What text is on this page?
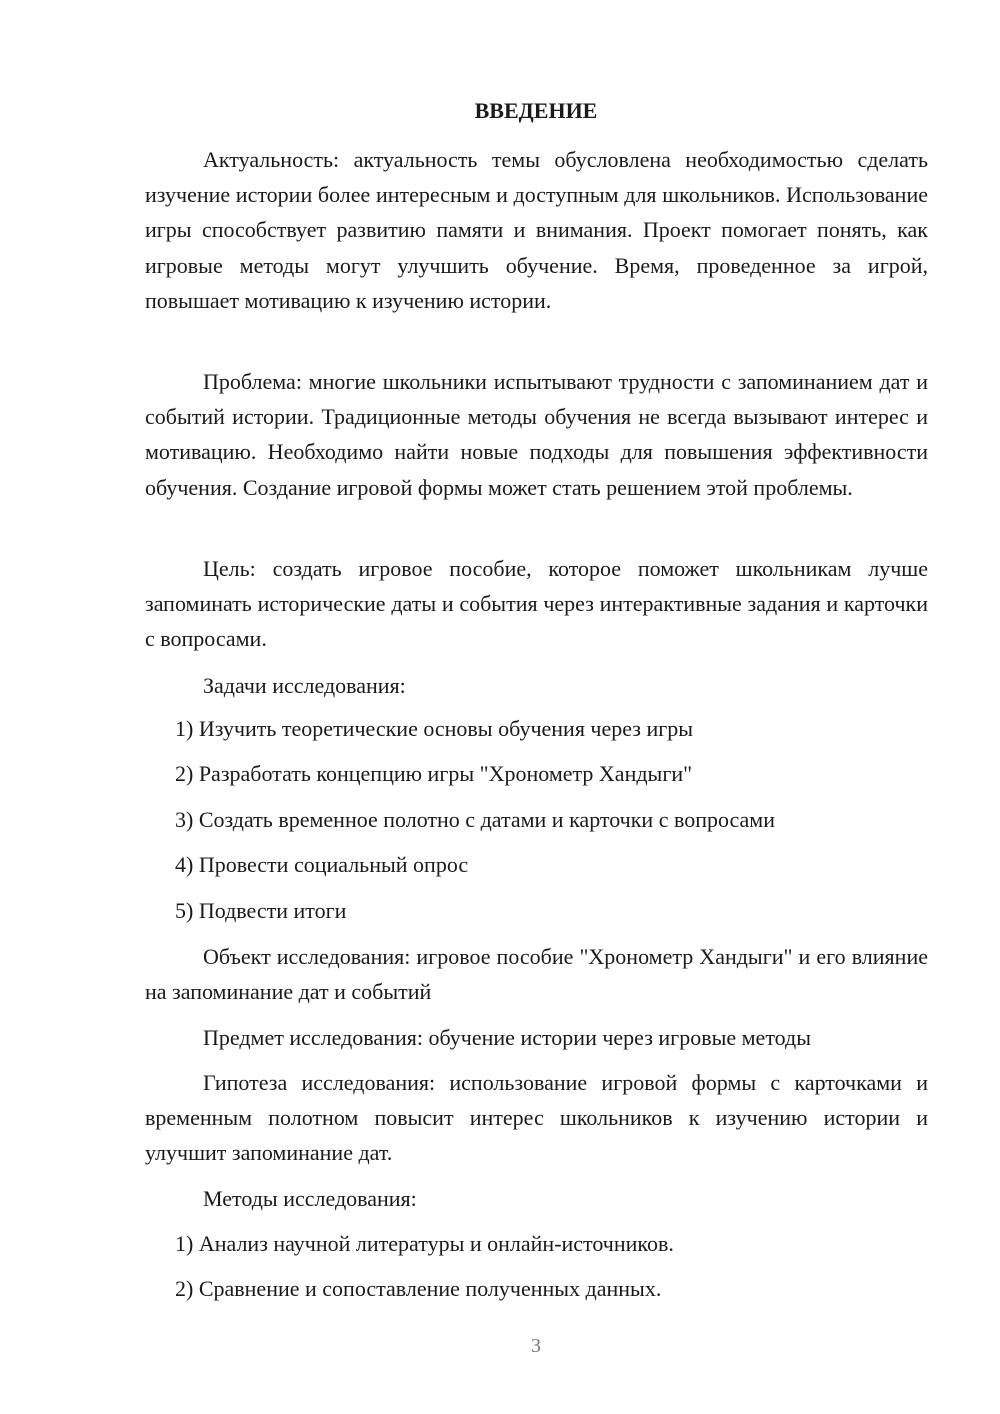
ВВЕДЕНИЕ

Актуальность: актуальность темы обусловлена необходимостью сделать изучение истории более интересным и доступным для школьников. Использование игры способствует развитию памяти и внимания. Проект помогает понять, как игровые методы могут улучшить обучение. Время, проведенное за игрой, повышает мотивацию к изучению истории.

Проблема: многие школьники испытывают трудности с запоминанием дат и событий истории. Традиционные методы обучения не всегда вызывают интерес и мотивацию. Необходимо найти новые подходы для повышения эффективности обучения. Создание игровой формы может стать решением этой проблемы.

Цель: создать игровое пособие, которое поможет школьникам лучше запоминать исторические даты и события через интерактивные задания и карточки с вопросами.

Задачи исследования:

1) Изучить теоретические основы обучения через игры
2) Разработать концепцию игры "Хронометр Хандыги"
3) Создать временное полотно с датами и карточки с вопросами
4) Провести социальный опрос
5) Подвести итоги

Объект исследования: игровое пособие "Хронометр Хандыги" и его влияние на запоминание дат и событий

Предмет исследования: обучение истории через игровые методы

Гипотеза исследования: использование игровой формы с карточками и временным полотном повысит интерес школьников к изучению истории и улучшит запоминание дат.

Методы исследования:

1) Анализ научной литературы и онлайн-источников.
2) Сравнение и сопоставление полученных данных.
3
